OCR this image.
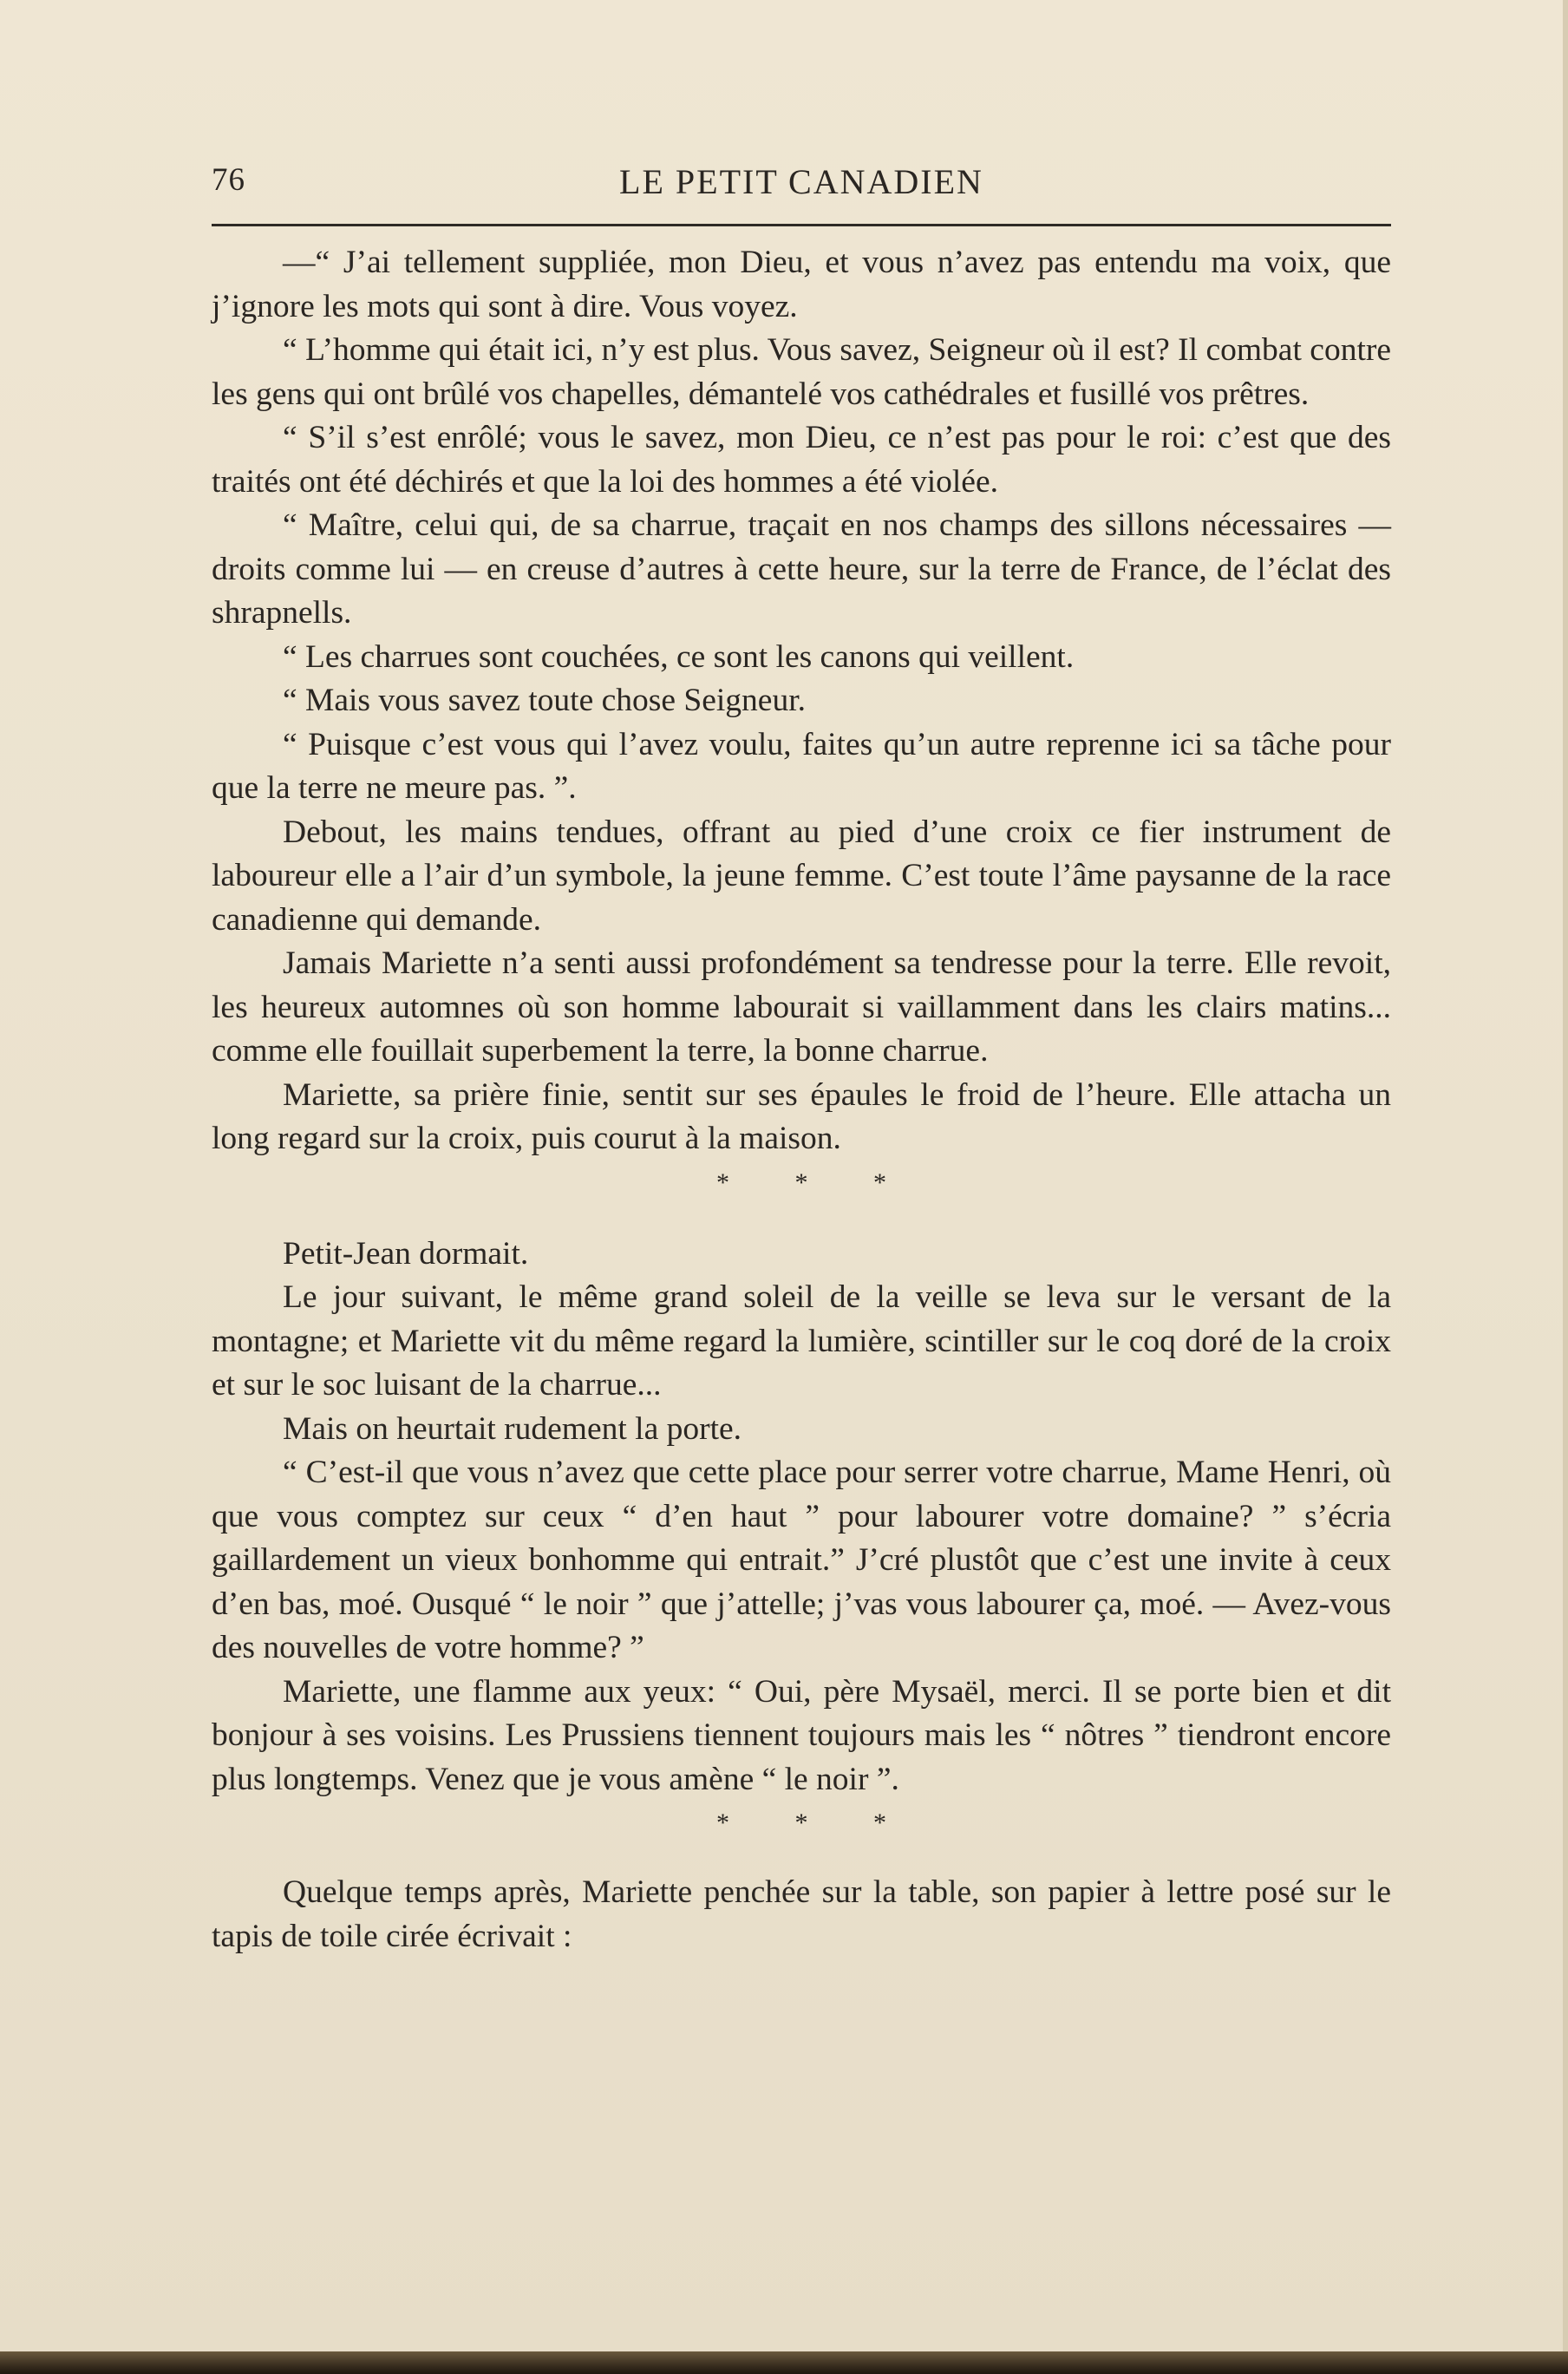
76	LE PETIT CANADIEN

—“ J’ai tellement suppliée, mon Dieu, et vous n’avez pas entendu ma voix, que j’ignore les mots qui sont à dire. Vous voyez.

“ L’homme qui était ici, n’y est plus. Vous savez, Seigneur où il est? Il combat contre les gens qui ont brûlé vos chapelles, démantelé vos cathédrales et fusillé vos prêtres.

“ S’il s’est enrôlé; vous le savez, mon Dieu, ce n’est pas pour le roi: c’est que des traités ont été déchirés et que la loi des hommes a été violée.

“ Maître, celui qui, de sa charrue, traçait en nos champs des sillons nécessaires — droits comme lui — en creuse d’autres à cette heure, sur la terre de France, de l’éclat des shrapnells.

“ Les charrues sont couchées, ce sont les canons qui veillent.

“ Mais vous savez toute chose Seigneur.

“ Puisque c’est vous qui l’avez voulu, faites qu’un autre reprenne ici sa tâche pour que la terre ne meure pas. ”.

Debout, les mains tendues, offrant au pied d’une croix ce fier instrument de laboureur elle a l’air d’un symbole, la jeune femme. C’est toute l’âme paysanne de la race canadienne qui demande.

Jamais Mariette n’a senti aussi profondément sa tendresse pour la terre. Elle revoit, les heureux automnes où son homme labourait si vaillamment dans les clairs matins... comme elle fouillait superbement la terre, la bonne charrue.

Mariette, sa prière finie, sentit sur ses épaules le froid de l’heure. Elle attacha un long regard sur la croix, puis courut à la maison.

* * *

Petit-Jean dormait.

Le jour suivant, le même grand soleil de la veille se leva sur le versant de la montagne; et Mariette vit du même regard la lumière, scintiller sur le coq doré de la croix et sur le soc luisant de la charrue...

Mais on heurtait rudement la porte.

“ C’est-il que vous n’avez que cette place pour serrer votre charrue, Mame Henri, où que vous comptez sur ceux “ d’en haut ” pour labourer votre domaine? ” s’écria gaillardement un vieux bonhomme qui entrait.” J’cré plustôt que c’est une invite à ceux d’en bas, moé. Ousqué “ le noir ” que j’attelle; j’vas vous labourer ça, moé. — Avez-vous des nouvelles de votre homme? ”

Mariette, une flamme aux yeux: “ Oui, père Mysaël, merci. Il se porte bien et dit bonjour à ses voisins. Les Prussiens tiennent toujours mais les “ nôtres ” tiendront encore plus longtemps. Venez que je vous amène “ le noir ”.

* * *

Quelque temps après, Mariette penchée sur la table, son papier à lettre posé sur le tapis de toile cirée écrivait :
